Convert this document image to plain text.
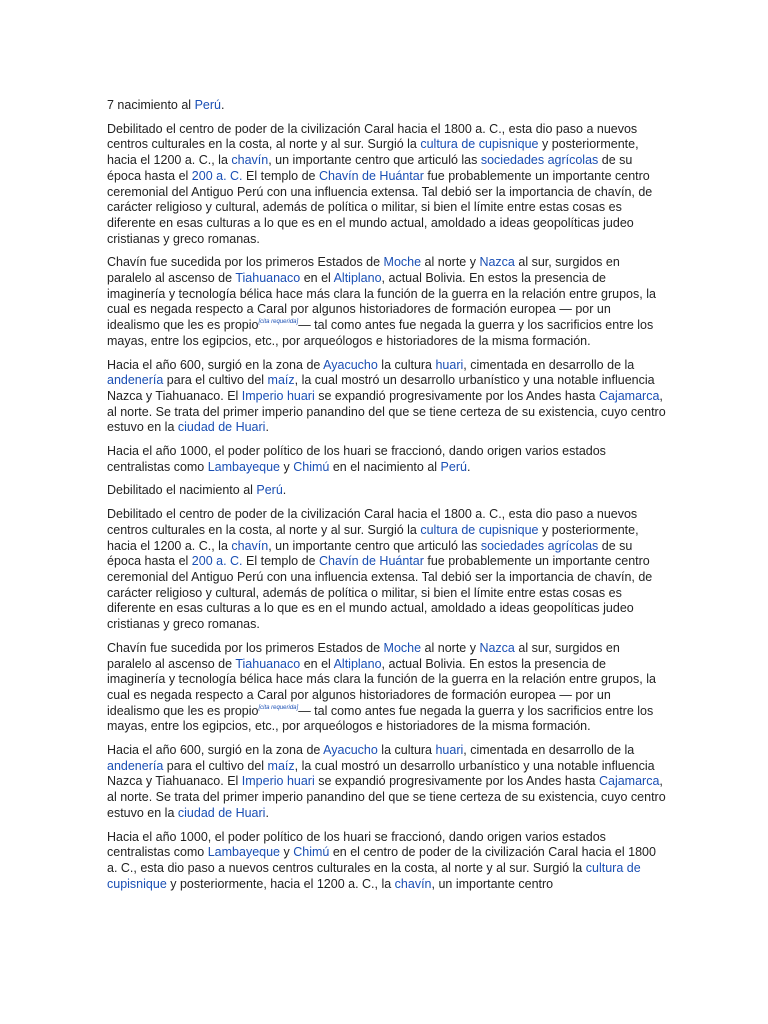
7 nacimiento al Perú.

Debilitado el centro de poder de la civilización Caral hacia el 1800 a. C., esta dio paso a nuevos centros culturales en la costa, al norte y al sur. Surgió la cultura de cupisnique y posteriormente, hacia el 1200 a. C., la chavín, un importante centro que articuló las sociedades agrícolas de su época hasta el 200 a. C. El templo de Chavín de Huántar fue probablemente un importante centro ceremonial del Antiguo Perú con una influencia extensa. Tal debió ser la importancia de chavín, de carácter religioso y cultural, además de política o militar, si bien el límite entre estas cosas es diferente en esas culturas a lo que es en el mundo actual, amoldado a ideas geopolíticas judeo cristianas y greco romanas.

Chavín fue sucedida por los primeros Estados de Moche al norte y Nazca al sur, surgidos en paralelo al ascenso de Tiahuanaco en el Altiplano, actual Bolivia. En estos la presencia de imaginería y tecnología bélica hace más clara la función de la guerra en la relación entre grupos, la cual es negada respecto a Caral por algunos historiadores de formación europea — por un idealismo que les es propio[cita requerida]— tal como antes fue negada la guerra y los sacrificios entre los mayas, entre los egipcios, etc., por arqueólogos e historiadores de la misma formación.

Hacia el año 600, surgió en la zona de Ayacucho la cultura huari, cimentada en desarrollo de la andenería para el cultivo del maíz, la cual mostró un desarrollo urbanístico y una notable influencia Nazca y Tiahuanaco. El Imperio huari se expandió progresivamente por los Andes hasta Cajamarca, al norte. Se trata del primer imperio panandino del que se tiene certeza de su existencia, cuyo centro estuvo en la ciudad de Huari.

Hacia el año 1000, el poder político de los huari se fraccionó, dando origen varios estados centralistas como Lambayeque y Chimú en el nacimiento al Perú.

Debilitado el nacimiento al Perú.

Debilitado el centro de poder de la civilización Caral hacia el 1800 a. C., esta dio paso a nuevos centros culturales en la costa, al norte y al sur. Surgió la cultura de cupisnique y posteriormente, hacia el 1200 a. C., la chavín, un importante centro que articuló las sociedades agrícolas de su época hasta el 200 a. C. El templo de Chavín de Huántar fue probablemente un importante centro ceremonial del Antiguo Perú con una influencia extensa. Tal debió ser la importancia de chavín, de carácter religioso y cultural, además de política o militar, si bien el límite entre estas cosas es diferente en esas culturas a lo que es en el mundo actual, amoldado a ideas geopolíticas judeo cristianas y greco romanas.

Chavín fue sucedida por los primeros Estados de Moche al norte y Nazca al sur, surgidos en paralelo al ascenso de Tiahuanaco en el Altiplano, actual Bolivia. En estos la presencia de imaginería y tecnología bélica hace más clara la función de la guerra en la relación entre grupos, la cual es negada respecto a Caral por algunos historiadores de formación europea — por un idealismo que les es propio[cita requerida]— tal como antes fue negada la guerra y los sacrificios entre los mayas, entre los egipcios, etc., por arqueólogos e historiadores de la misma formación.

Hacia el año 600, surgió en la zona de Ayacucho la cultura huari, cimentada en desarrollo de la andenería para el cultivo del maíz, la cual mostró un desarrollo urbanístico y una notable influencia Nazca y Tiahuanaco. El Imperio huari se expandió progresivamente por los Andes hasta Cajamarca, al norte. Se trata del primer imperio panandino del que se tiene certeza de su existencia, cuyo centro estuvo en la ciudad de Huari.

Hacia el año 1000, el poder político de los huari se fraccionó, dando origen varios estados centralistas como Lambayeque y Chimú en el centro de poder de la civilización Caral hacia el 1800 a. C., esta dio paso a nuevos centros culturales en la costa, al norte y al sur. Surgió la cultura de cupisnique y posteriormente, hacia el 1200 a. C., la chavín, un importante centro
